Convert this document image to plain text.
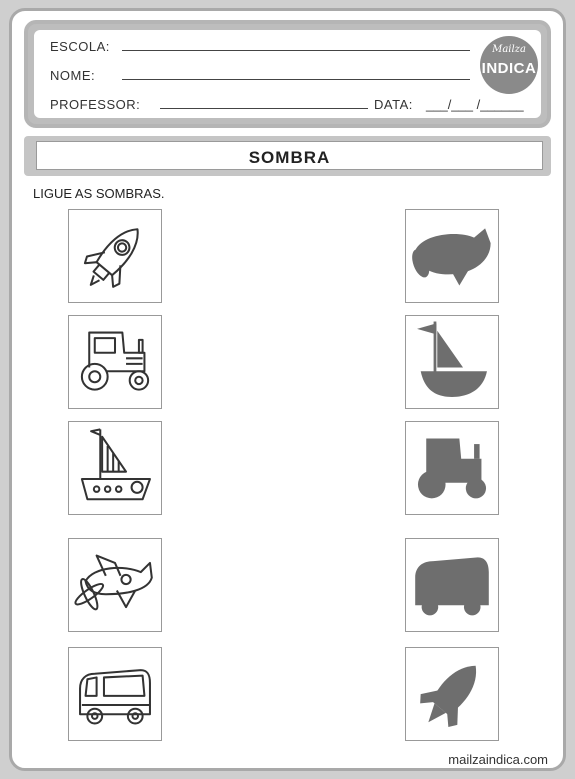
ESCOLA:
NOME:
PROFESSOR:	DATA: ___/___ /______
Mailza
INDICA
SOMBRA
LIGUE AS SOMBRAS.
mailzaindica.com
